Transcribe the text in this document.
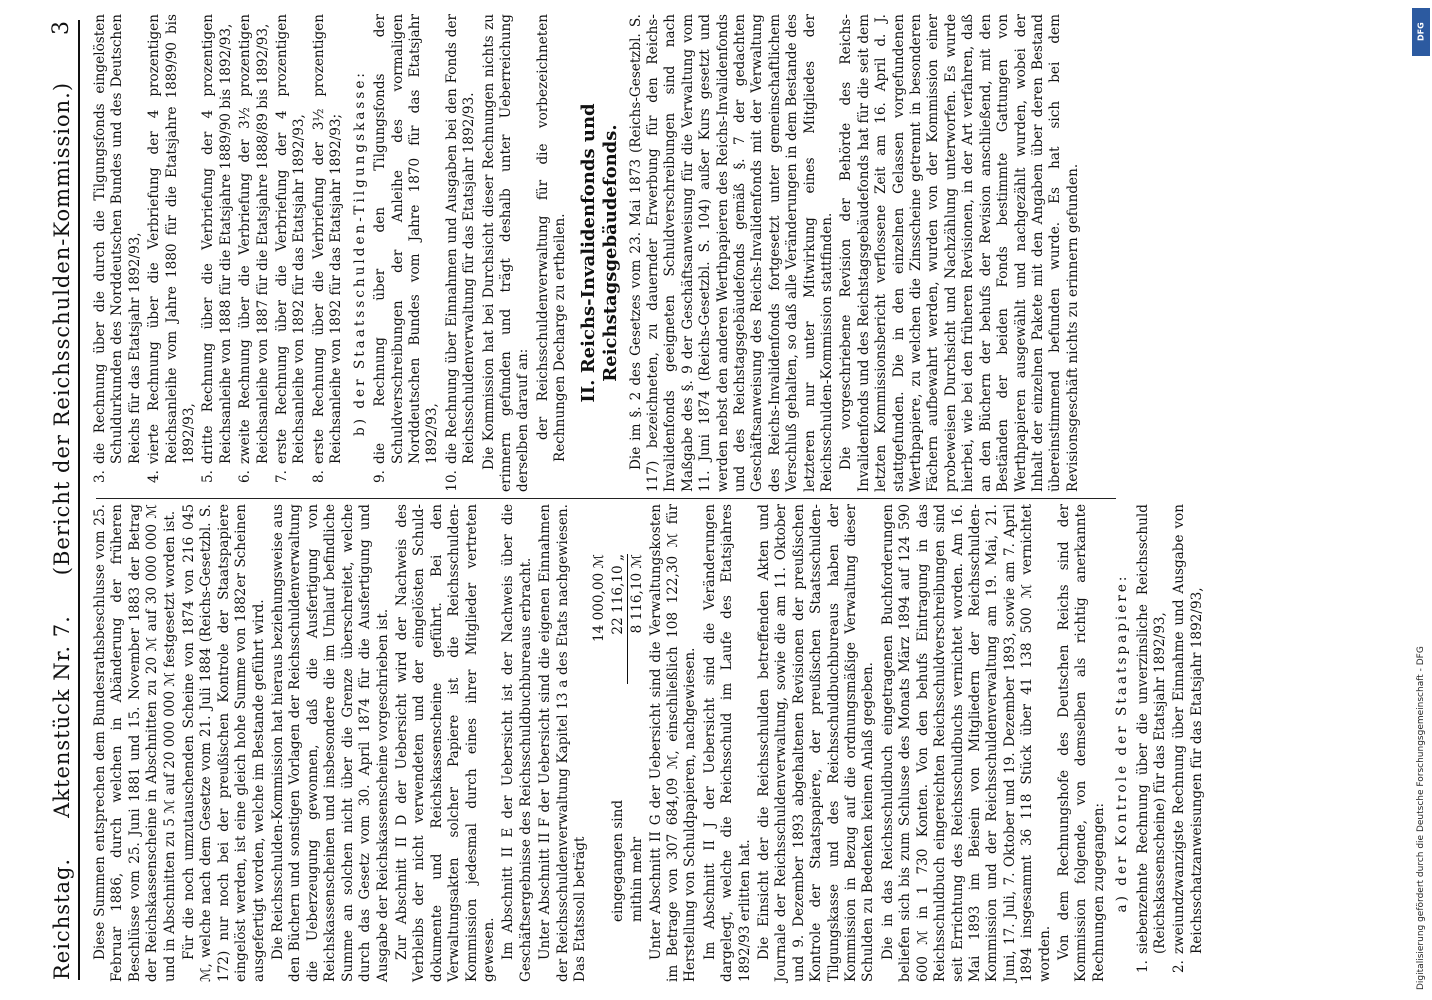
Reichstag.
Aktenstück Nr. 7.
(Bericht der Reichsschulden-Kommission.)
3

Diese Summen entsprechen dem Bundesrathsbeschlusse vom 25. Februar 1886, durch welchen in Abänderung der früheren Beschlüsse vom 25. Juni 1881 und 15. November 1883 der Betrag der Reichskassenscheine in Abschnitten zu 20 ℳ auf 30 000 000 ℳ und in Abschnitten zu 5 ℳ auf 20 000 000 ℳ festgesetzt worden ist. Für die noch umzutauschenden Scheine von 1874 von 216 045 ℳ, welche nach dem Gesetze vom 21. Juli 1884 (Reichs-Gesetzbl. S. 172) nur noch bei der preußischen Kontrole der Staatspapiere eingelöst werden, ist eine gleich hohe Summe von 1882er Scheinen ausgefertigt worden, welche im Bestande geführt wird. Die Reichsschulden-Kommission hat hieraus beziehungsweise aus den Büchern und sonstigen Vorlagen der Reichsschuldenverwaltung die Ueberzeugung gewonnen, daß die Ausfertigung von Reichskassenscheinen und insbesondere die im Umlauf befindliche Summe an solchen nicht über die Grenze überschreitet, welche durch das Gesetz vom 30. April 1874 für die Ausfertigung und Ausgabe der Reichskassenscheine vorgeschrieben ist. Zur Abschnitt II D der Uebersicht wird der Nachweis des Verbleibs der nicht verwendeten und der eingelösten Schuld-dokumente und Reichskassenscheine geführt. Bei den Verwaltungsakten solcher Papiere ist die Reichsschulden-Kommission jedesmal durch eines ihrer Mitglieder vertreten gewesen. Im Abschnitt II E der Uebersicht ist der Nachweis über die Geschäftsergebnisse des Reichsschuldbuchbureaus erbracht. Unter Abschnitt II F der Uebersicht sind die eigenen Einnahmen der Reichsschuldenverwaltung Kapitel 13 a des Etats nachgewiesen. Das Etatssoll beträgt

14 000,00 ℳ
eingegangen sind
22 116,10 „
mithin mehr
8 116,10 ℳ Unter Abschnitt II G der Uebersicht sind die Verwaltungskosten im Betrage von 307 684,09 ℳ, einschließlich 108 122,30 ℳ für Herstellung von Schuldpapieren, nachgewiesen. Im Abschnitt II J der Uebersicht sind die Veränderungen dargelegt, welche die Reichsschuld im Laufe des Etatsjahres 1892/93 erlitten hat. Die Einsicht der die Reichsschulden betreffenden Akten und Journale der Reichsschuldenverwaltung, sowie die am 11. Oktober und 9. Dezember 1893 abgehaltenen Revisionen der preußischen Kontrole der Staatspapiere, der preußischen Staatsschulden-Tilgungskasse und des Reichsschuldbuchbureaus haben der Kommission in Bezug auf die ordnungsmäßige Verwaltung dieser Schulden zu Bedenken keinen Anlaß gegeben. Die in das Reichsschuldbuch eingetragenen Buchforderungen beliefen sich bis zum Schlusse des Monats März 1894 auf 124 590 600 ℳ in 1 730 Konten. Von den behufs Eintragung in das Reichsschuldbuch eingereichten Reichsschuldverschreibungen sind seit Errichtung des Reichsschuldbuchs vernichtet worden. Am 16. Mai 1893 im Beisein von Mitgliedern der Reichsschulden-Kommission und der Reichsschuldenverwaltung am 19. Mai, 21. Juni, 17. Juli, 7. Oktober und 19. Dezember 1893, sowie am 7. April 1894 insgesammt 36 118 Stück über 41 138 500 ℳ vernichtet worden. Von dem Rechnungshofe des Deutschen Reichs sind der Kommission folgende, von demselben als richtig anerkannte Rechnungen zugegangen: a) der Kontrole der Staatspapiere:
1.
siebenzehnte Rechnung über die unverzinsliche Reichsschuld (Reichskassenscheine) für das Etatsjahr 1892/93,
2.
zweiundzwanzigste Rechnung über Einnahme und Ausgabe von Reichsschatzanweisungen für das Etatsjahr 1892/93,
3.
die Rechnung über die durch die Tilgungsfonds eingelösten Schuldurkunden des Norddeutschen Bundes und des Deutschen Reichs für das Etatsjahr 1892/93,
4.
vierte Rechnung über die Verbriefung der 4 prozentigen Reichsanleihe vom Jahre 1880 für die Etatsjahre 1889/90 bis 1892/93,
5.
dritte Rechnung über die Verbriefung der 4 prozentigen Reichsanleihe von 1888 für die Etatsjahre 1889/90 bis 1892/93,
6.
zweite Rechnung über die Verbriefung der 3½ prozentigen Reichsanleihe von 1887 für die Etatsjahre 1888/89 bis 1892/93,
7.
erste Rechnung über die Verbriefung der 4 prozentigen Reichsanleihe von 1892 für das Etatsjahr 1892/93,
8.
erste Rechnung über die Verbriefung der 3½ prozentigen Reichsanleihe von 1892 für das Etatsjahr 1892/93; b) der Staatsschulden-Tilgungskasse:
9.
die Rechnung über den Tilgungsfonds der Schuldverschreibungen der Anleihe des vormaligen Norddeutschen Bundes vom Jahre 1870 für das Etatsjahr 1892/93,
10.
die Rechnung über Einnahmen und Ausgaben bei den Fonds der Reichsschuldenverwaltung für das Etatsjahr 1892/93. Die Kommission hat bei Durchsicht dieser Rechnungen nichts zu erinnern gefunden und trägt deshalb unter Ueberreichung derselben darauf an: der Reichsschuldenverwaltung für die vorbezeichneten Rechnungen Decharge zu ertheilen. II. Reichs-Invalidenfonds und Reichstagsgebäudefonds. Die im §. 2 des Gesetzes vom 23. Mai 1873 (Reichs-Gesetzbl. S. 117) bezeichneten, zu dauernder Erwerbung für den Reichs-Invalidenfonds geeigneten Schuldverschreibungen sind nach Maßgabe des §. 9 der Geschäftsanweisung für die Verwaltung vom 11. Juni 1874 (Reichs-Gesetzbl. S. 104) außer Kurs gesetzt und werden nebst den anderen Werthpapieren des Reichs-Invalidenfonds und des Reichstagsgebäudefonds gemäß §. 7 der gedachten Geschäftsanweisung des Reichs-Invalidenfonds mit der Verwaltung des Reichs-Invalidenfonds fortgesetzt unter gemeinschaftlichem Verschluß gehalten, so daß alle Veränderungen in dem Bestande des letzteren nur unter Mitwirkung eines Mitgliedes der Reichsschulden-Kommission stattfinden. Die vorgeschriebene Revision der Behörde des Reichs-Invalidenfonds und des Reichstagsgebäudefonds hat für die seit dem letzten Kommissionsbericht verflossene Zeit am 16. April d. J. stattgefunden. Die in den einzelnen Gelassen vorgefundenen Werthpapiere, zu welchen die Zinsscheine getrennt in besonderen Fächern aufbewahrt werden, wurden von der Kommission einer probeweisen Durchsicht und Nachzählung unterworfen. Es wurde hierbei, wie bei den früheren Revisionen, in der Art verfahren, daß an den Büchern der behufs der Revision anschließend, mit den Beständen der beiden Fonds bestimmte Gattungen von Werthpapieren ausgewählt und nachgezählt wurden, wobei der Inhalt der einzelnen Pakete mit den Angaben über deren Bestand übereinstimmend befunden wurde. Es hat sich bei dem Revisionsgeschäft nichts zu erinnern gefunden.

DFG
Digitalisierung gefördert durch die Deutsche Forschungsgemeinschaft - DFG
